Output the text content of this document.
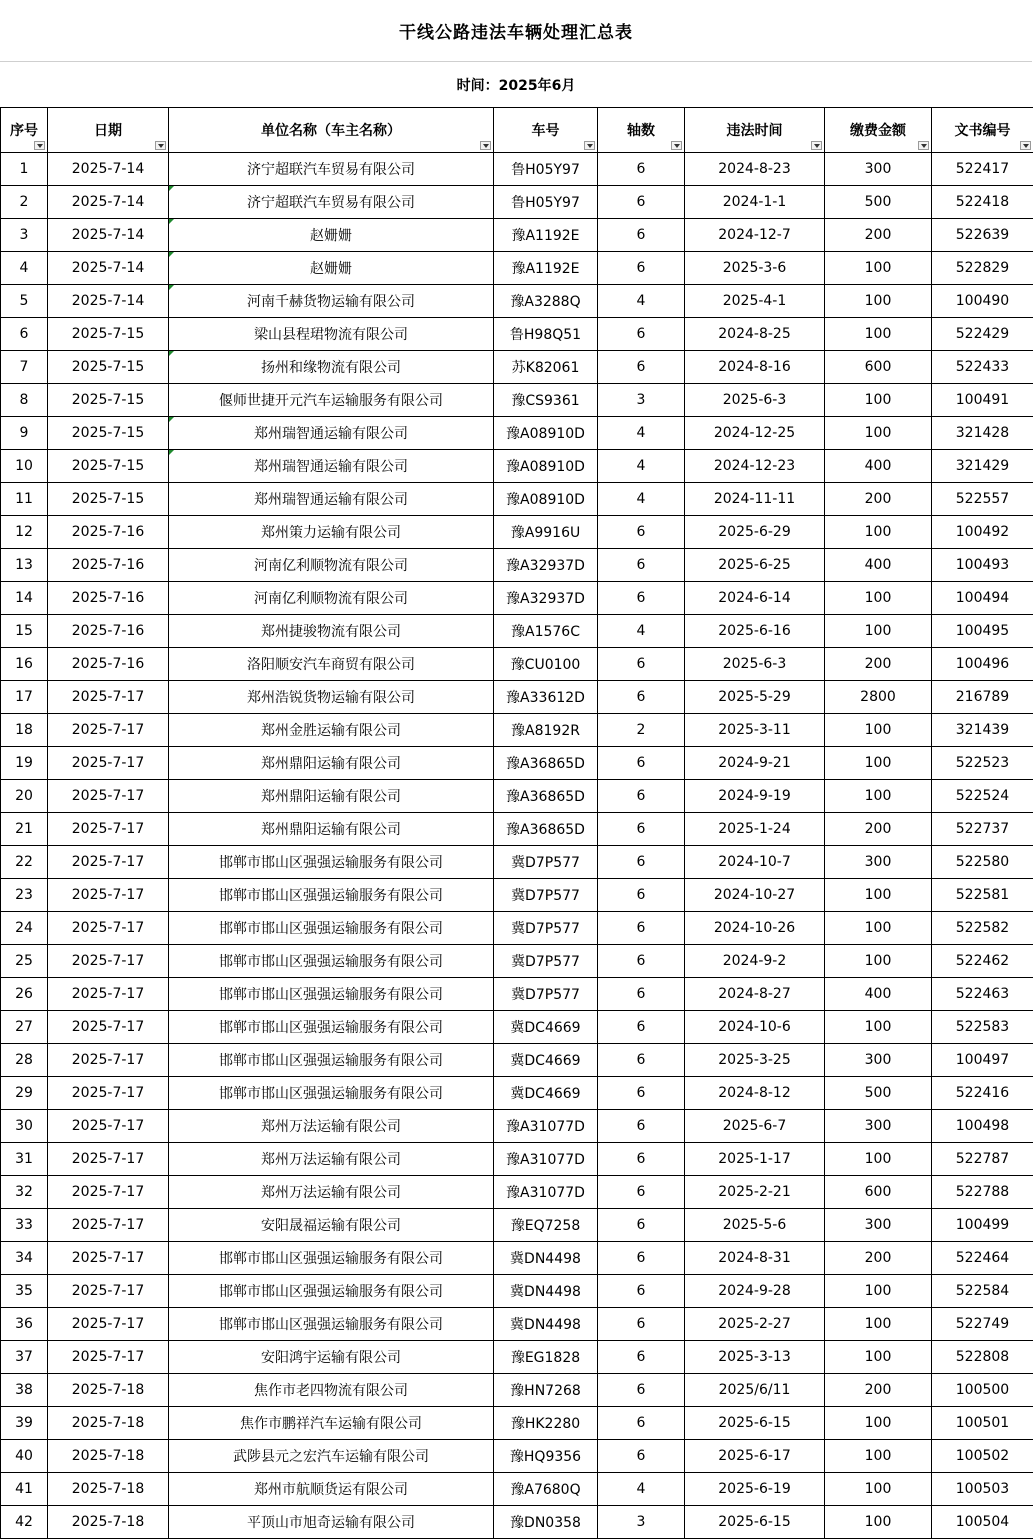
干线公路违法车辆处理汇总表
时间：2025年6月
序号	日期	单位名称（车主名称）	车号	轴数	违法时间	缴费金额	文书编号

1	2025-7-14	济宁超联汽车贸易有限公司	鲁H05Y97	6	2024-8-23	300	522417
2	2025-7-14	济宁超联汽车贸易有限公司	鲁H05Y97	6	2024-1-1	500	522418
3	2025-7-14	赵姗姗	豫A1192E	6	2024-12-7	200	522639
4	2025-7-14	赵姗姗	豫A1192E	6	2025-3-6	100	522829
5	2025-7-14	河南千赫货物运输有限公司	豫A3288Q	4	2025-4-1	100	100490
6	2025-7-15	梁山县程珺物流有限公司	鲁H98Q51	6	2024-8-25	100	522429
7	2025-7-15	扬州和缘物流有限公司	苏K82061	6	2024-8-16	600	522433
8	2025-7-15	偃师世捷开元汽车运输服务有限公司	豫CS9361	3	2025-6-3	100	100491
9	2025-7-15	郑州瑞智通运输有限公司	豫A08910D	4	2024-12-25	100	321428
10	2025-7-15	郑州瑞智通运输有限公司	豫A08910D	4	2024-12-23	400	321429
11	2025-7-15	郑州瑞智通运输有限公司	豫A08910D	4	2024-11-11	200	522557
12	2025-7-16	郑州策力运输有限公司	豫A9916U	6	2025-6-29	100	100492
13	2025-7-16	河南亿利顺物流有限公司	豫A32937D	6	2025-6-25	400	100493
14	2025-7-16	河南亿利顺物流有限公司	豫A32937D	6	2024-6-14	100	100494
15	2025-7-16	郑州捷骏物流有限公司	豫A1576C	4	2025-6-16	100	100495
16	2025-7-16	洛阳顺安汽车商贸有限公司	豫CU0100	6	2025-6-3	200	100496
17	2025-7-17	郑州浩锐货物运输有限公司	豫A33612D	6	2025-5-29	2800	216789
18	2025-7-17	郑州金胜运输有限公司	豫A8192R	2	2025-3-11	100	321439
19	2025-7-17	郑州鼎阳运输有限公司	豫A36865D	6	2024-9-21	100	522523
20	2025-7-17	郑州鼎阳运输有限公司	豫A36865D	6	2024-9-19	100	522524
21	2025-7-17	郑州鼎阳运输有限公司	豫A36865D	6	2025-1-24	200	522737
22	2025-7-17	邯郸市邯山区强强运输服务有限公司	冀D7P577	6	2024-10-7	300	522580
23	2025-7-17	邯郸市邯山区强强运输服务有限公司	冀D7P577	6	2024-10-27	100	522581
24	2025-7-17	邯郸市邯山区强强运输服务有限公司	冀D7P577	6	2024-10-26	100	522582
25	2025-7-17	邯郸市邯山区强强运输服务有限公司	冀D7P577	6	2024-9-2	100	522462
26	2025-7-17	邯郸市邯山区强强运输服务有限公司	冀D7P577	6	2024-8-27	400	522463
27	2025-7-17	邯郸市邯山区强强运输服务有限公司	冀DC4669	6	2024-10-6	100	522583
28	2025-7-17	邯郸市邯山区强强运输服务有限公司	冀DC4669	6	2025-3-25	300	100497
29	2025-7-17	邯郸市邯山区强强运输服务有限公司	冀DC4669	6	2024-8-12	500	522416
30	2025-7-17	郑州万法运输有限公司	豫A31077D	6	2025-6-7	300	100498
31	2025-7-17	郑州万法运输有限公司	豫A31077D	6	2025-1-17	100	522787
32	2025-7-17	郑州万法运输有限公司	豫A31077D	6	2025-2-21	600	522788
33	2025-7-17	安阳晟福运输有限公司	豫EQ7258	6	2025-5-6	300	100499
34	2025-7-17	邯郸市邯山区强强运输服务有限公司	冀DN4498	6	2024-8-31	200	522464
35	2025-7-17	邯郸市邯山区强强运输服务有限公司	冀DN4498	6	2024-9-28	100	522584
36	2025-7-17	邯郸市邯山区强强运输服务有限公司	冀DN4498	6	2025-2-27	100	522749
37	2025-7-17	安阳鸿宇运输有限公司	豫EG1828	6	2025-3-13	100	522808
38	2025-7-18	焦作市老四物流有限公司	豫HN7268	6	2025/6/11	200	100500
39	2025-7-18	焦作市鹏祥汽车运输有限公司	豫HK2280	6	2025-6-15	100	100501
40	2025-7-18	武陟县元之宏汽车运输有限公司	豫HQ9356	6	2025-6-17	100	100502
41	2025-7-18	郑州市航顺货运有限公司	豫A7680Q	4	2025-6-19	100	100503
42	2025-7-18	平顶山市旭奇运输有限公司	豫DN0358	3	2025-6-15	100	100504
